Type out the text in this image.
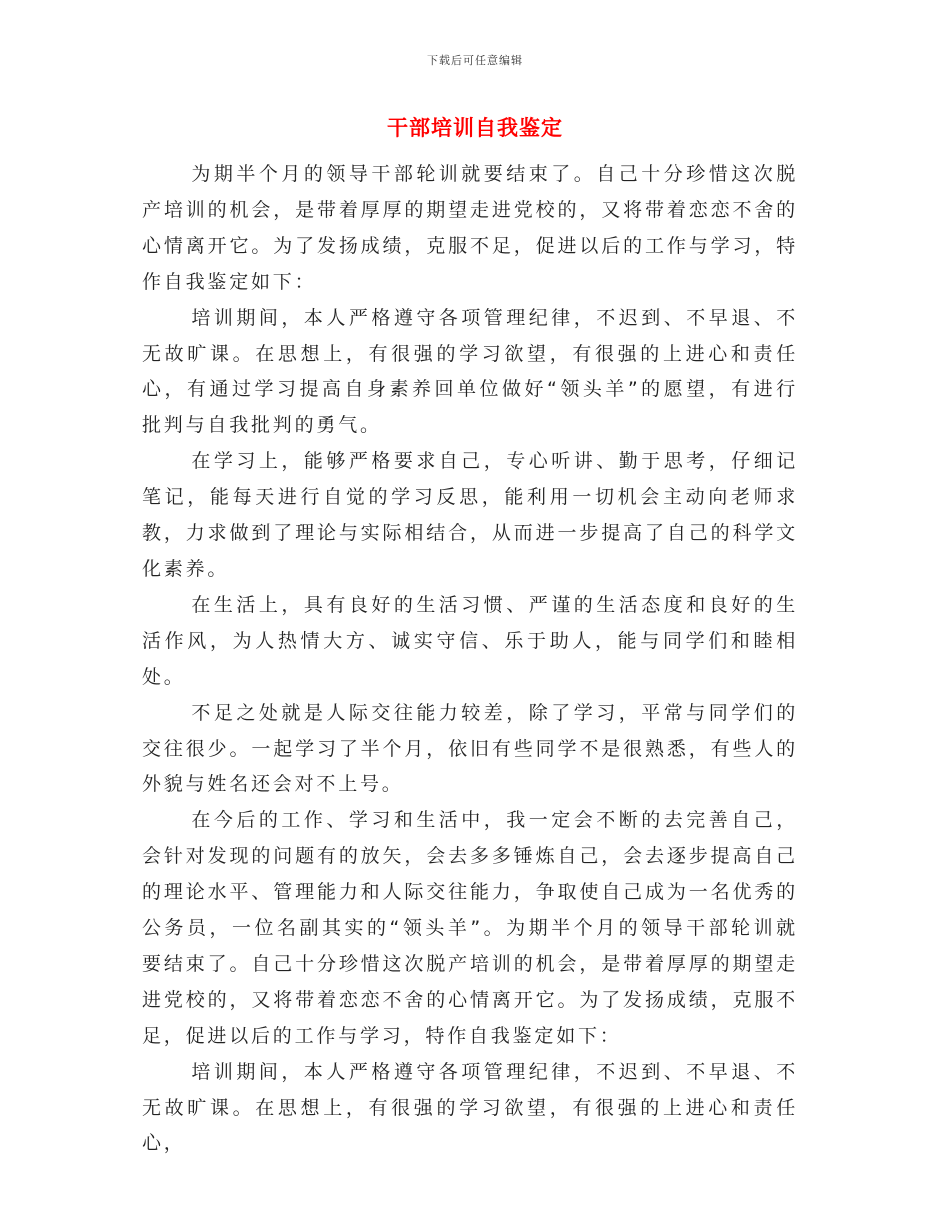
下载后可任意编辑
干部培训自我鉴定

为期半个月的领导干部轮训就要结束了。自己十分珍惜这次脱产培训的机会，是带着厚厚的期望走进党校的，又将带着恋恋不舍的心情离开它。为了发扬成绩，克服不足，促进以后的工作与学习，特作自我鉴定如下：

培训期间，本人严格遵守各项管理纪律，不迟到、不早退、不无故旷课。在思想上，有很强的学习欲望，有很强的上进心和责任心，有通过学习提高自身素养回单位做好“领头羊”的愿望，有进行批判与自我批判的勇气。

在学习上，能够严格要求自己，专心听讲、勤于思考，仔细记笔记，能每天进行自觉的学习反思，能利用一切机会主动向老师求教，力求做到了理论与实际相结合，从而进一步提高了自己的科学文化素养。

在生活上，具有良好的生活习惯、严谨的生活态度和良好的生活作风，为人热情大方、诚实守信、乐于助人，能与同学们和睦相处。

不足之处就是人际交往能力较差，除了学习，平常与同学们的交往很少。一起学习了半个月，依旧有些同学不是很熟悉，有些人的外貌与姓名还会对不上号。

在今后的工作、学习和生活中，我一定会不断的去完善自己，会针对发现的问题有的放矢，会去多多锤炼自己，会去逐步提高自己的理论水平、管理能力和人际交往能力，争取使自己成为一名优秀的公务员，一位名副其实的“领头羊”。为期半个月的领导干部轮训就要结束了。自己十分珍惜这次脱产培训的机会，是带着厚厚的期望走进党校的，又将带着恋恋不舍的心情离开它。为了发扬成绩，克服不足，促进以后的工作与学习，特作自我鉴定如下：

培训期间，本人严格遵守各项管理纪律，不迟到、不早退、不无故旷课。在思想上，有很强的学习欲望，有很强的上进心和责任心，
